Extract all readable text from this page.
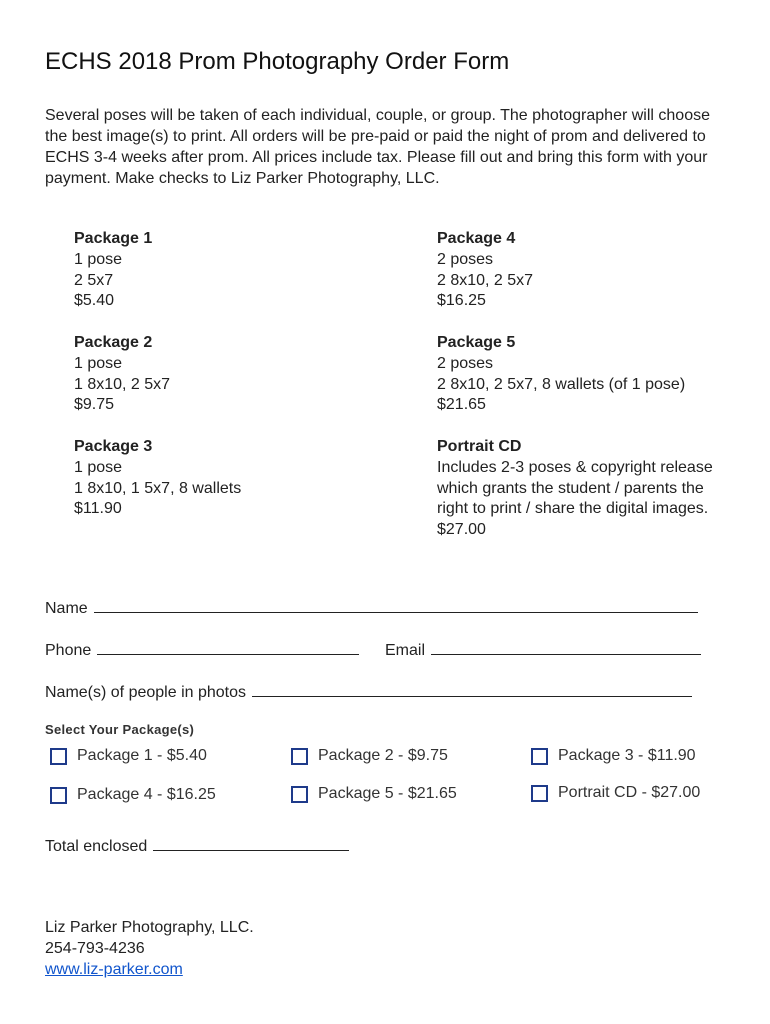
ECHS 2018 Prom Photography Order Form

Several poses will be taken of each individual, couple, or group. The photographer will choose the best image(s) to print. All orders will be pre-paid or paid the night of prom and delivered to ECHS 3-4 weeks after prom. All prices include tax. Please fill out and bring this form with your payment. Make checks to Liz Parker Photography, LLC.

Package 1
1 pose
2 5x7
$5.40
Package 2
1 pose
1 8x10, 2 5x7
$9.75
Package 3
1 pose
1 8x10, 1 5x7, 8 wallets
$11.90
Package 4
2 poses
2 8x10, 2 5x7
$16.25
Package 5
2 poses
2 8x10, 2 5x7, 8 wallets (of 1 pose)
$21.65
Portrait CD
Includes 2-3 poses & copyright release which grants the student / parents the right to print / share the digital images.
$27.00
Name
Phone	Email
Name(s) of people in photos
Select Your Package(s)
Package 1 - $5.40	Package 2 - $9.75	Package 3 - $11.90
Package 4 - $16.25	Package 5 - $21.65	Portrait CD - $27.00
Total enclosed
Liz Parker Photography, LLC.
254-793-4236
www.liz-parker.com
